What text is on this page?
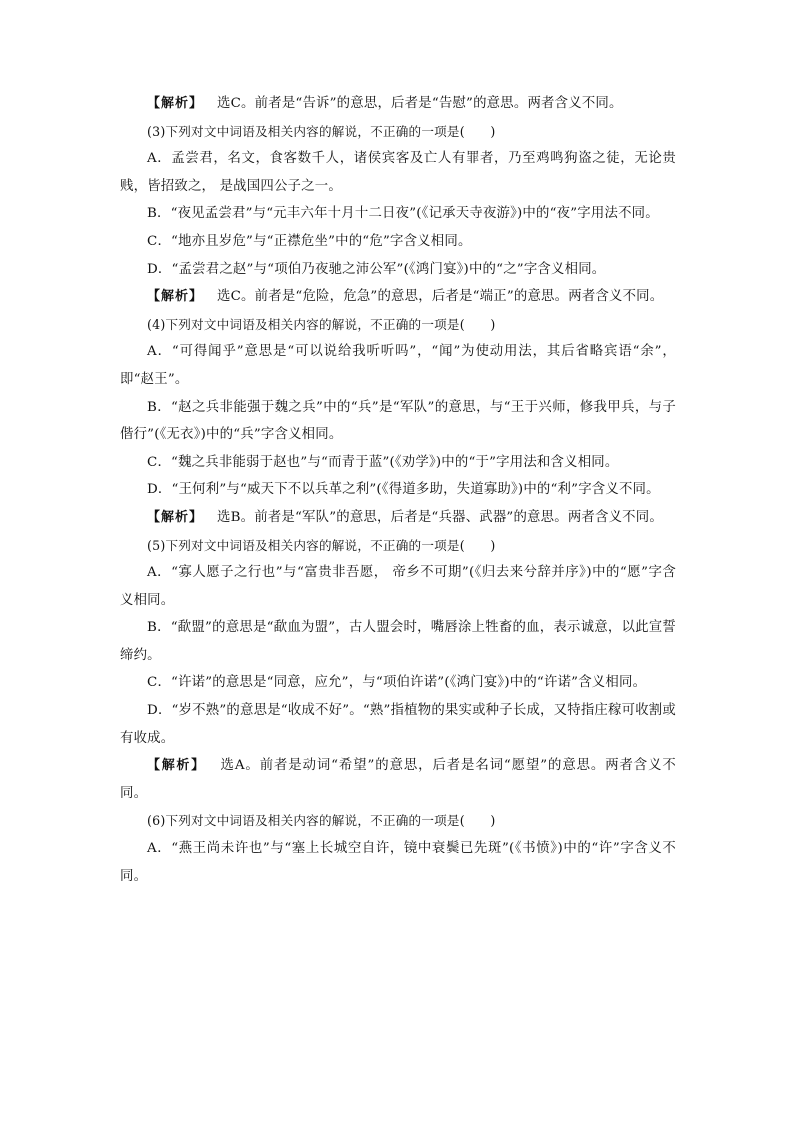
【解析】 选C。前者是“告诉”的意思，后者是“告慰”的意思。两者含义不同。

(3)下列对文中词语及相关内容的解说，不正确的一项是(　　)

A．孟尝君，名文，食客数千人，诸侯宾客及亡人有罪者，乃至鸡鸣狗盗之徒，无论贵贱，皆招致之， 是战国四公子之一。

B．“夜见孟尝君”与“元丰六年十月十二日夜”(《记承天寺夜游》)中的“夜”字用法不同。

C．“地亦且岁危”与“正襟危坐”中的“危”字含义相同。

D．“孟尝君之赵”与“项伯乃夜驰之沛公军”(《鸿门宴》)中的“之”字含义相同。

【解析】 选C。前者是“危险，危急”的意思，后者是“端正”的意思。两者含义不同。

(4)下列对文中词语及相关内容的解说，不正确的一项是(　　)

A．“可得闻乎”意思是“可以说给我听听吗”，“闻”为使动用法，其后省略宾语“余”，即“赵王”。

B．“赵之兵非能强于魏之兵”中的“兵”是“军队”的意思，与“王于兴师，修我甲兵，与子偕行”(《无衣》)中的“兵”字含义相同。

C．“魏之兵非能弱于赵也”与“而青于蓝”(《劝学》)中的“于”字用法和含义相同。

D．“王何利”与“威天下不以兵革之利”(《得道多助，失道寡助》)中的“利”字含义不同。

【解析】 选B。前者是“军队”的意思，后者是“兵器、武器”的意思。两者含义不同。

(5)下列对文中词语及相关内容的解说，不正确的一项是(　　)

A．“寡人愿子之行也”与“富贵非吾愿， 帝乡不可期”(《归去来兮辞并序》)中的“愿”字含义相同。

B．“歃盟”的意思是“歃血为盟”，古人盟会时，嘴唇涂上牲畜的血，表示诚意，以此宣誓缔约。

C．“许诺”的意思是“同意，应允”，与“项伯许诺”(《鸿门宴》)中的“许诺”含义相同。

D．“岁不熟”的意思是“收成不好”。“熟”指植物的果实或种子长成，又特指庄稼可收割或有收成。

【解析】 选A。前者是动词“希望”的意思，后者是名词“愿望”的意思。两者含义不同。

(6)下列对文中词语及相关内容的解说，不正确的一项是(　　)

A．“燕王尚未许也”与“塞上长城空自许，镜中衰鬓已先斑”(《书愤》)中的“许”字含义不同。
